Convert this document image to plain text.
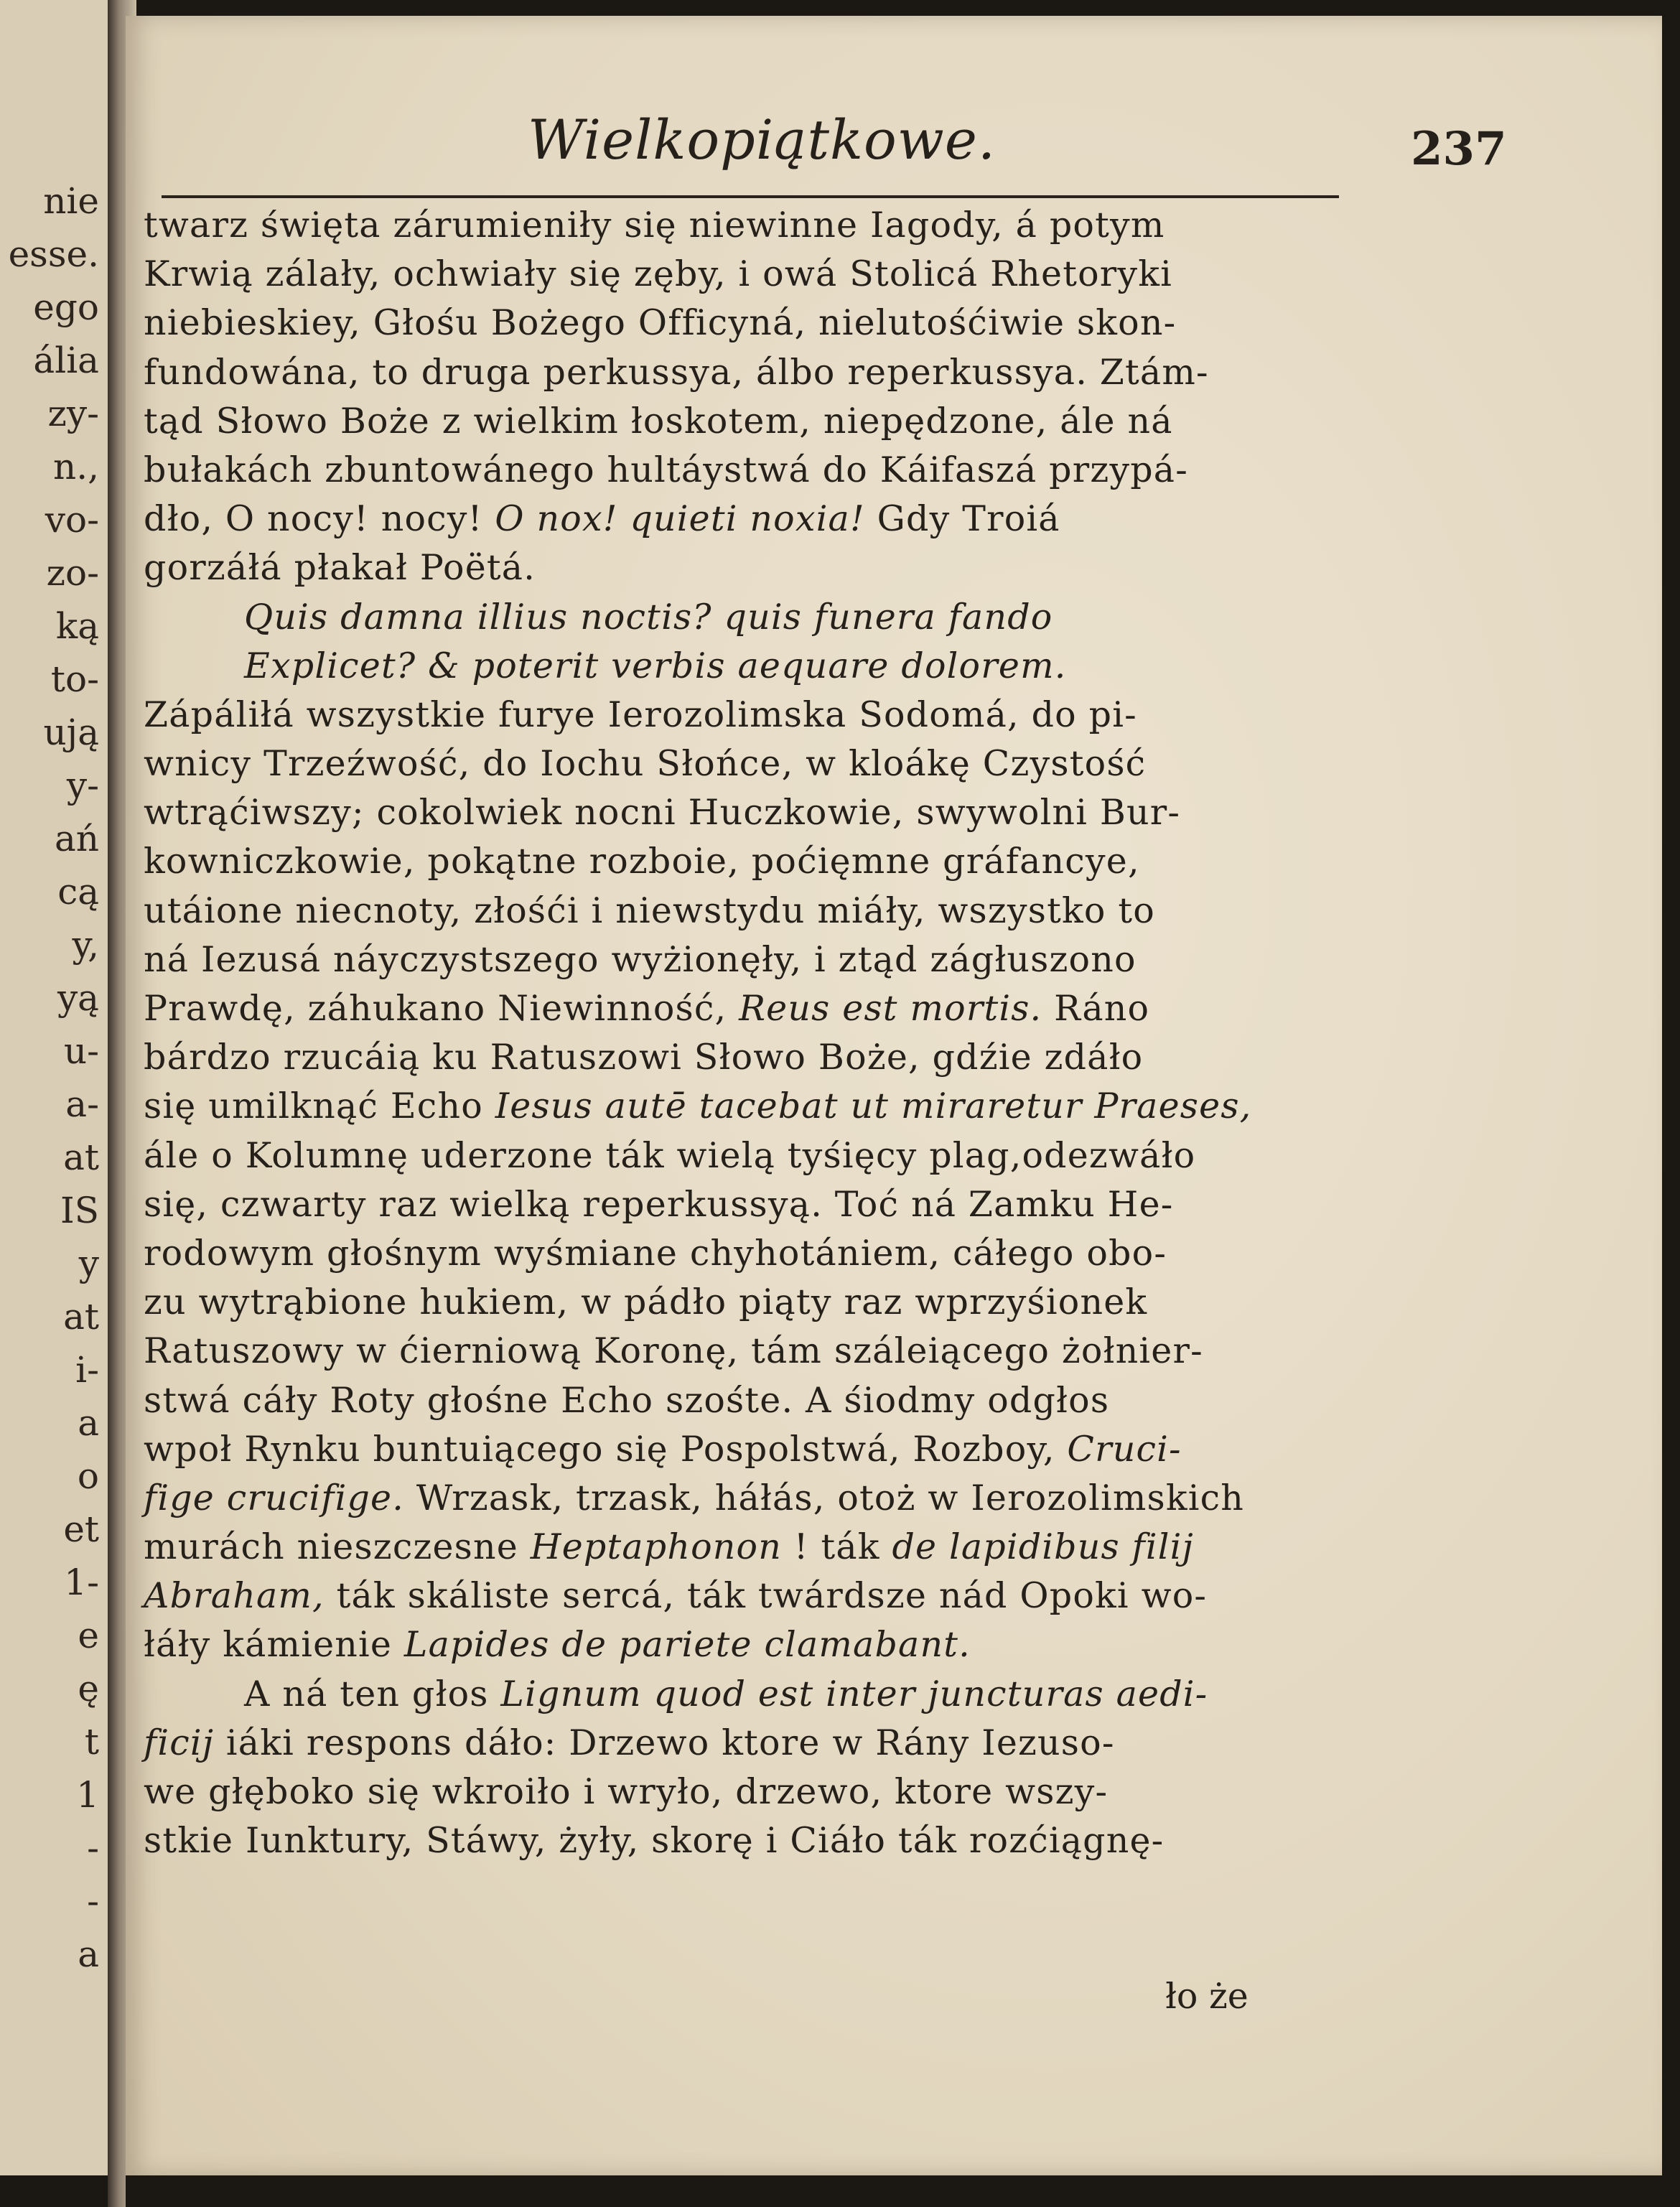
nie
esse.
ego
ália
zy-
n.,
vo-
zo-
ką
to-
ują
y-
ań
cą
y,
yą
u-
a-
at
IS
y
at
i-
a
o
et
1-
e
ę
t
1
-
-
a
Wielkopiątkowe.	237
twarz święta zárumieniły się niewinne Iagody, á potym
Krwią zálały, ochwiały się zęby, i owá Stolicá Rhetoryki
niebieskiey, Głośu Bożego Officyná, nielutośćiwie skon-
fundowána, to druga perkussya, álbo reperkussya. Ztám-
tąd Słowo Boże z wielkim łoskotem, niepędzone, ále ná
bułakách zbuntowánego hultáystwá do Káifaszá przypá-
dło, O nocy! nocy! O nox! quieti noxia! Gdy Troiá
gorzáłá płakał Poëtá.
Quis damna illius noctis? quis funera fando
Explicet? & poterit verbis aequare dolorem.
Zápáliłá wszystkie furye Ierozolimska Sodomá, do pi-
wnicy Trzeźwość, do Iochu Słońce, w kloákę Czystość
wtrąćiwszy; cokolwiek nocni Huczkowie, swywolni Bur-
kowniczkowie, pokątne rozboie, poćięmne gráfancye,
utáione niecnoty, złośći i niewstydu miáły, wszystko to
ná Iezusá náyczystszego wyżionęły, i ztąd zágłuszono
Prawdę, záhukano Niewinność, Reus est mortis. Ráno
bárdzo rzucáią ku Ratuszowi Słowo Boże, gdźie zdáło
się umilknąć Echo Iesus autē tacebat ut miraretur Praeses,
ále o Kolumnę uderzone ták wielą tyśięcy plag,odezwáło
się, czwarty raz wielką reperkussyą. Toć ná Zamku He-
rodowym głośnym wyśmiane chyhotániem, cáłego obo-
zu wytrąbione hukiem, w pádło piąty raz wprzyśionek
Ratuszowy w ćierniową Koronę, tám száleiącego żołnier-
stwá cáły Roty głośne Echo szośte. A śiodmy odgłos
wpoł Rynku buntuiącego się Pospolstwá, Rozboy, Cruci-
fige crucifige. Wrzask, trzask, háłás, otoż w Ierozolimskich
murách nieszczesne Heptaphonon ! ták de lapidibus filij
Abraham, ták skáliste sercá, ták twárdsze nád Opoki wo-
łáły kámienie Lapides de pariete clamabant.
A ná ten głos Lignum quod est inter juncturas aedi-
ficij iáki respons dáło: Drzewo ktore w Rány Iezuso-
we głęboko się wkroiło i wryło, drzewo, ktore wszy-
stkie Iunktury, Stáwy, żyły, skorę i Ciáło ták rozćiągnę-
ło że
